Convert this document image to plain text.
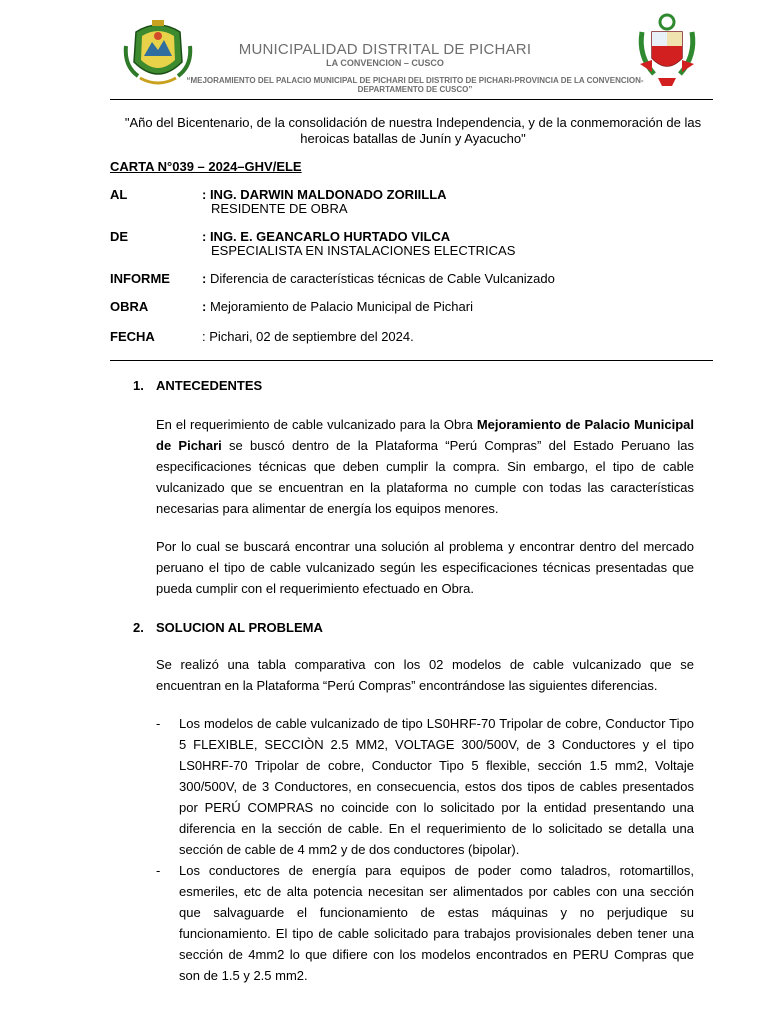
MUNICIPALIDAD DISTRITAL DE PICHARI
LA CONVENCION – CUSCO
“MEJORAMIENTO DEL PALACIO MUNICIPAL DE PICHARI DEL DISTRITO DE PICHARI-PROVINCIA DE LA CONVENCION-DEPARTAMENTO DE CUSCO”
"Año del Bicentenario, de la consolidación de nuestra Independencia, y de la conmemoración de las heroicas batallas de Junín y Ayacucho"
CARTA N°039 – 2024–GHV/ELE
AL	: ING. DARWIN MALDONADO ZORIILLA
RESIDENTE DE OBRA
DE	: ING. E. GEANCARLO HURTADO VILCA
ESPECIALISTA EN INSTALACIONES ELECTRICAS
INFORME : Diferencia de características técnicas de Cable Vulcanizado
OBRA	: Mejoramiento de Palacio Municipal de Pichari
FECHA	: Pichari, 02 de septiembre del 2024.
1. ANTECEDENTES
En el requerimiento de cable vulcanizado para la Obra Mejoramiento de Palacio Municipal de Pichari se buscó dentro de la Plataforma “Perú Compras” del Estado Peruano las especificaciones técnicas que deben cumplir la compra. Sin embargo, el tipo de cable vulcanizado que se encuentran en la plataforma no cumple con todas las características necesarias para alimentar de energía los equipos menores.
Por lo cual se buscará encontrar una solución al problema y encontrar dentro del mercado peruano el tipo de cable vulcanizado según les especificaciones técnicas presentadas que pueda cumplir con el requerimiento efectuado en Obra.
2. SOLUCION AL PROBLEMA
Se realizó una tabla comparativa con los 02 modelos de cable vulcanizado que se encuentran en la Plataforma “Perú Compras” encontrándose las siguientes diferencias.
- Los modelos de cable vulcanizado de tipo LS0HRF-70 Tripolar de cobre, Conductor Tipo 5 FLEXIBLE, SECCIÒN 2.5 MM2, VOLTAGE 300/500V, de 3 Conductores y el tipo LS0HRF-70 Tripolar de cobre, Conductor Tipo 5 flexible, sección 1.5 mm2, Voltaje 300/500V, de 3 Conductores, en consecuencia, estos dos tipos de cables presentados por PERÚ COMPRAS no coincide con lo solicitado por la entidad presentando una diferencia en la sección de cable. En el requerimiento de lo solicitado se detalla una sección de cable de 4 mm2 y de dos conductores (bipolar).
- Los conductores de energía para equipos de poder como taladros, rotomartillos, esmeriles, etc de alta potencia necesitan ser alimentados por cables con una sección que salvaguarde el funcionamiento de estas máquinas y no perjudique su funcionamiento. El tipo de cable solicitado para trabajos provisionales deben tener una sección de 4mm2 lo que difiere con los modelos encontrados en PERU Compras que son de 1.5 y 2.5 mm2.
